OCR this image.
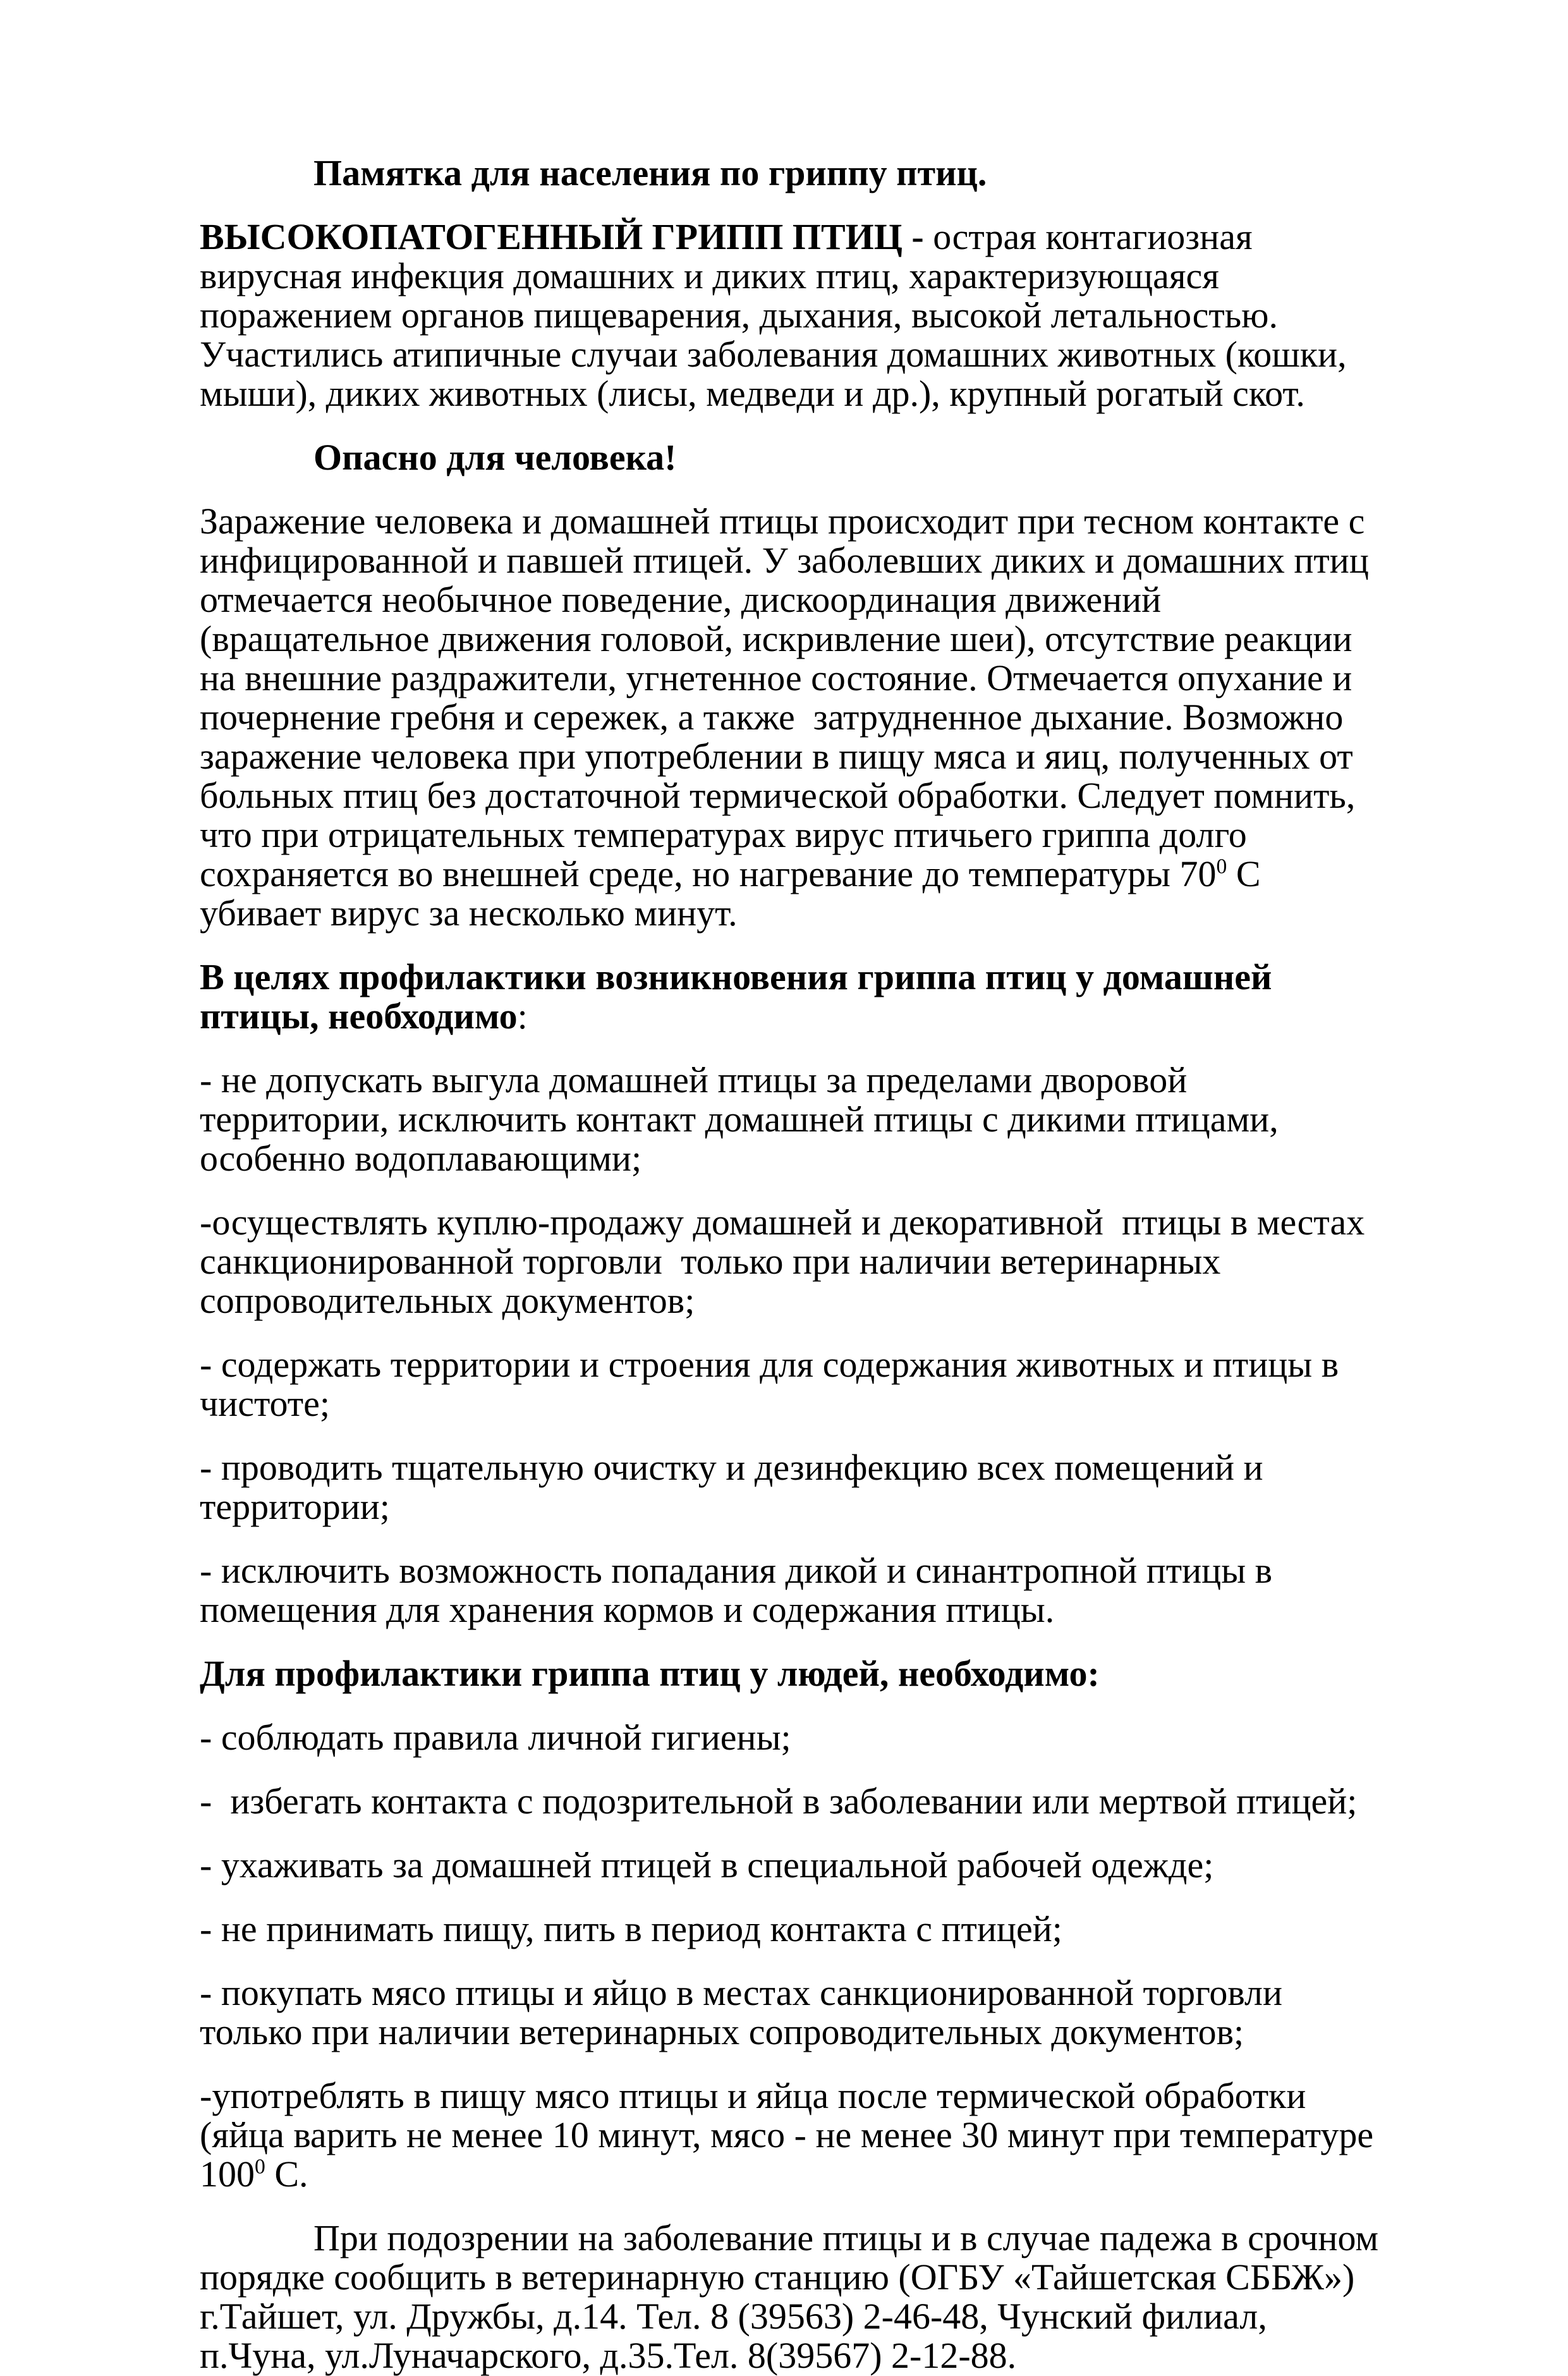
Памятка для населения по гриппу птиц.

ВЫСОКОПАТОГЕННЫЙ ГРИПП ПТИЦ - острая контагиозная вирусная инфекция домашних и диких птиц, характеризующаяся поражением органов пищеварения, дыхания, высокой летальностью. Участились атипичные случаи заболевания домашних животных (кошки, мыши), диких животных (лисы, медведи и др.), крупный рогатый скот.

Опасно для человека!

Заражение человека и домашней птицы происходит при тесном контакте с инфицированной и павшей птицей. У заболевших диких и домашних птиц отмечается необычное поведение, дискоординация движений  (вращательное движения головой, искривление шеи), отсутствие реакции на внешние раздражители, угнетенное состояние. Отмечается опухание и почернение гребня и сережек, а также  затрудненное дыхание. Возможно заражение человека при употреблении в пищу мяса и яиц, полученных от больных птиц без достаточной термической обработки. Следует помнить, что при отрицательных температурах вирус птичьего гриппа долго сохраняется во внешней среде, но нагревание до температуры $70^0$ С убивает вирус за несколько минут.

В целях профилактики возникновения гриппа птиц у домашней птицы, необходимо:

- не допускать выгула домашней птицы за пределами дворовой территории, исключить контакт домашней птицы с дикими птицами, особенно водоплавающими;

-осуществлять куплю-продажу домашней и декоративной  птицы в местах санкционированной торговли  только при наличии ветеринарных сопроводительных документов;

- содержать территории и строения для содержания животных и птицы в чистоте;

- проводить тщательную очистку и дезинфекцию всех помещений и территории;

- исключить возможность попадания дикой и синантропной птицы в помещения для хранения кормов и содержания птицы.

Для профилактики гриппа птиц у людей, необходимо:

- соблюдать правила личной гигиены;

-  избегать контакта с подозрительной в заболевании или мертвой птицей;

- ухаживать за домашней птицей в специальной рабочей одежде;

- не принимать пищу, пить в период контакта с птицей;

- покупать мясо птицы и яйцо в местах санкционированной торговли только при наличии ветеринарных сопроводительных документов;

-употреблять в пищу мясо птицы и яйца после термической обработки (яйца варить не менее 10 минут, мясо - не менее 30 минут при температуре $100^0$ С.

При подозрении на заболевание птицы и в случае падежа в срочном порядке сообщить в ветеринарную станцию (ОГБУ «Тайшетская СББЖ») г.Тайшет, ул. Дружбы, д.14. Тел. 8 (39563) 2-46-48, Чунский филиал, п.Чуна, ул.Луначарского, д.35.Тел. 8(39567) 2-12-88.
